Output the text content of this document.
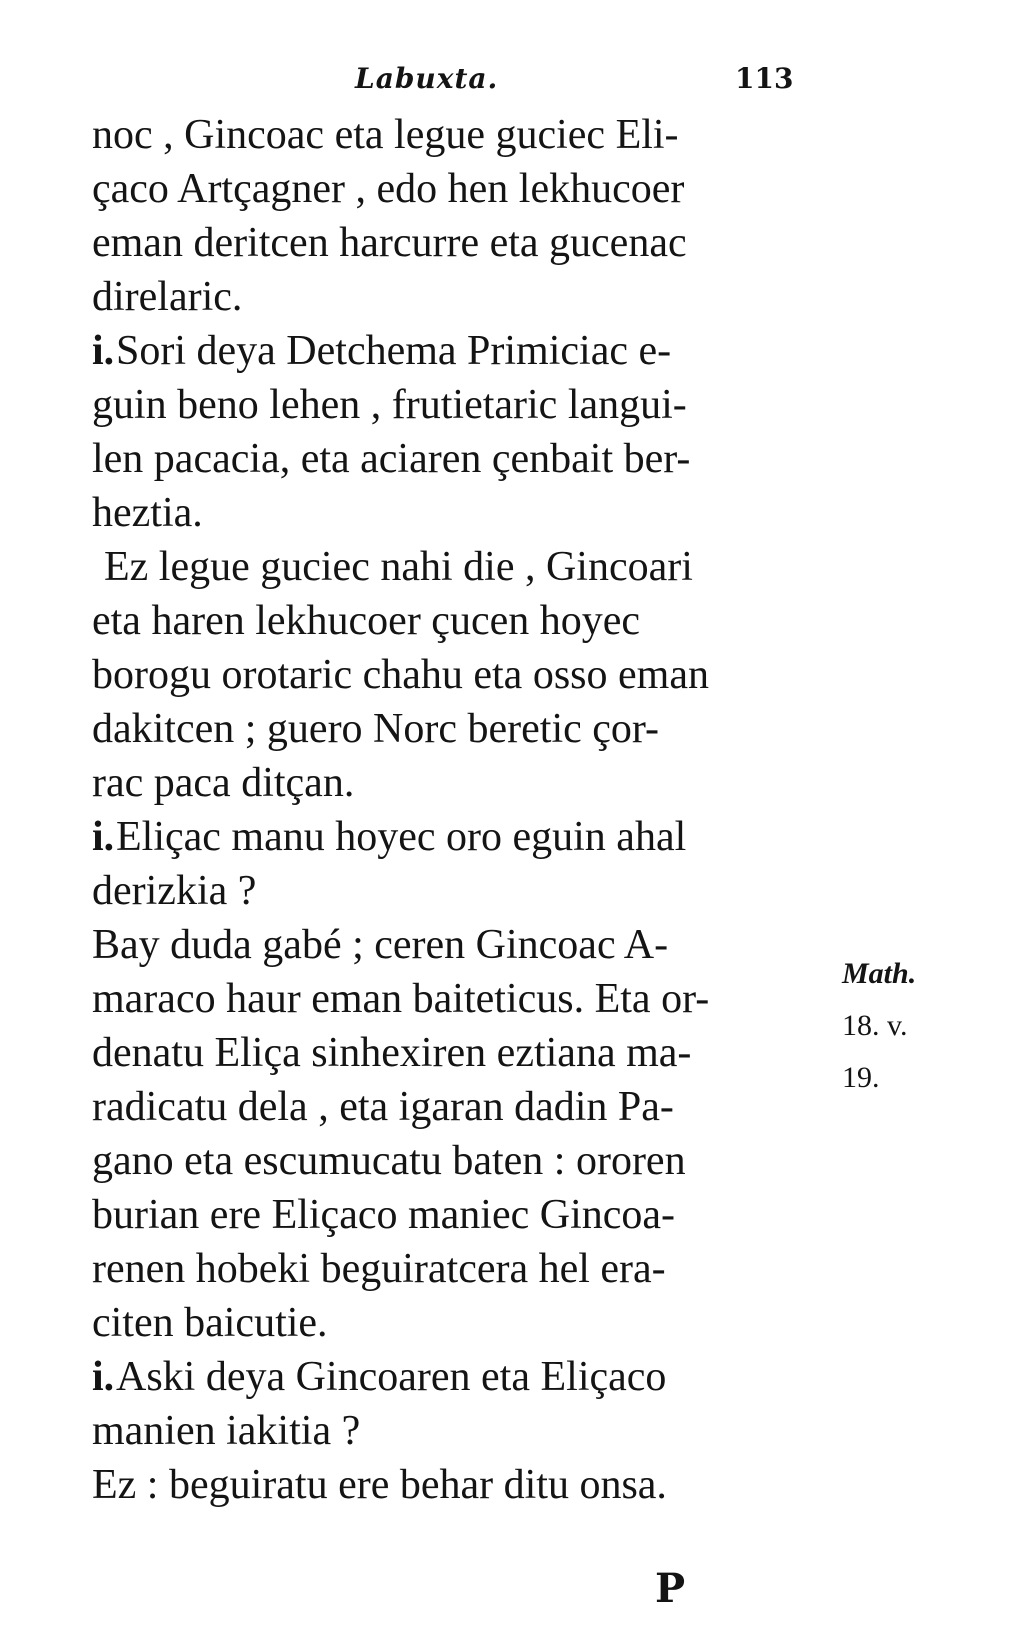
Labuxta.	113
noc , Gincoac eta legue guciec Eli-
çaco Artçagner , edo hen lekhucoer
eman deritcen harcurre eta gucenac
direlaric.
i.Sori deya Detchema Primiciac e-
guin beno lehen , frutietaric langui-
len pacacia, eta aciaren çenbait ber-
heztia.
Ez legue guciec nahi die , Gincoari
eta haren lekhucoer çucen hoyec
borogu orotaric chahu eta osso eman
dakitcen ; guero Norc beretic çor-
rac paca ditçan.
i.Eliçac manu hoyec oro eguin ahal
derizkia ?
Bay duda gabé ; ceren Gincoac A-
maraco haur eman baiteticus. Eta or-
denatu Eliça sinhexiren eztiana ma-
radicatu dela , eta igaran dadin Pa-
gano eta escumucatu baten : ororen
burian ere Eliçaco maniec Gincoa-
renen hobeki beguiratcera hel era-
citen baicutie.
i.Aski deya Gincoaren eta Eliçaco
manien iakitia ?
Ez : beguiratu ere behar ditu onsa.
Math.
18. v.
19.
P
